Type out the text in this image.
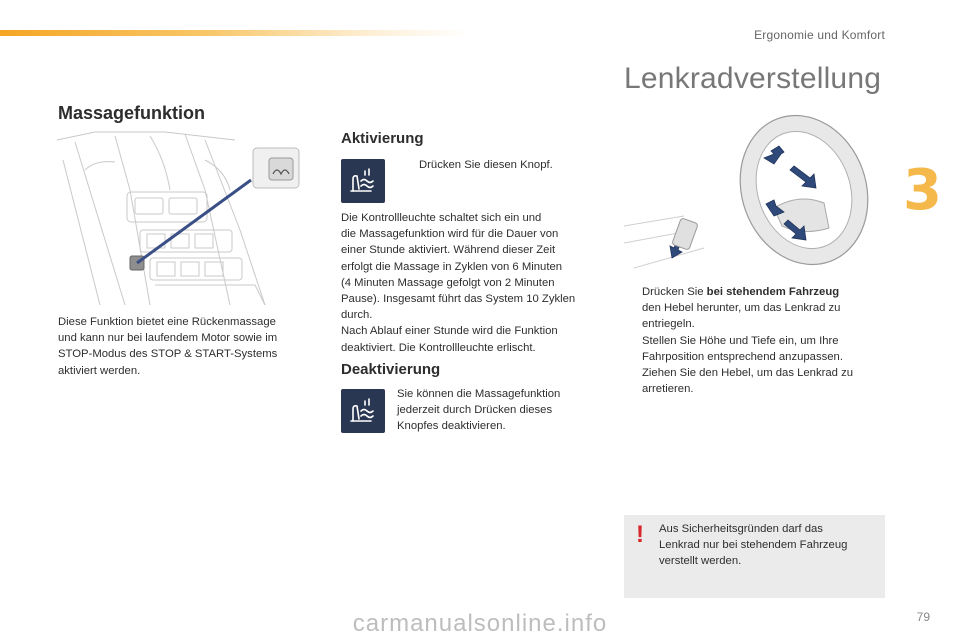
Ergonomie und Komfort
3
Massagefunktion
Diese Funktion bietet eine Rückenmassage
und kann nur bei laufendem Motor sowie im
STOP-Modus des STOP & START-Systems
aktiviert werden.
Aktivierung
Drücken Sie diesen Knopf.
Die Kontrollleuchte schaltet sich ein und
die Massagefunktion wird für die Dauer von
einer Stunde aktiviert. Während dieser Zeit
erfolgt die Massage in Zyklen von 6 Minuten
(4 Minuten Massage gefolgt von 2 Minuten
Pause). Insgesamt führt das System 10 Zyklen
durch.
Nach Ablauf einer Stunde wird die Funktion
deaktiviert. Die Kontrollleuchte erlischt.
Deaktivierung
Sie können die Massagefunktion
jederzeit durch Drücken dieses
Knopfes deaktivieren.
Lenkradverstellung
Drücken Sie bei stehendem Fahrzeug
den Hebel herunter, um das Lenkrad zu
entriegeln.
Stellen Sie Höhe und Tiefe ein, um Ihre
Fahrposition entsprechend anzupassen.
Ziehen Sie den Hebel, um das Lenkrad zu
arretieren.
! Aus Sicherheitsgründen darf das
Lenkrad nur bei stehendem Fahrzeug
verstellt werden.
carmanualsonline.info	79
